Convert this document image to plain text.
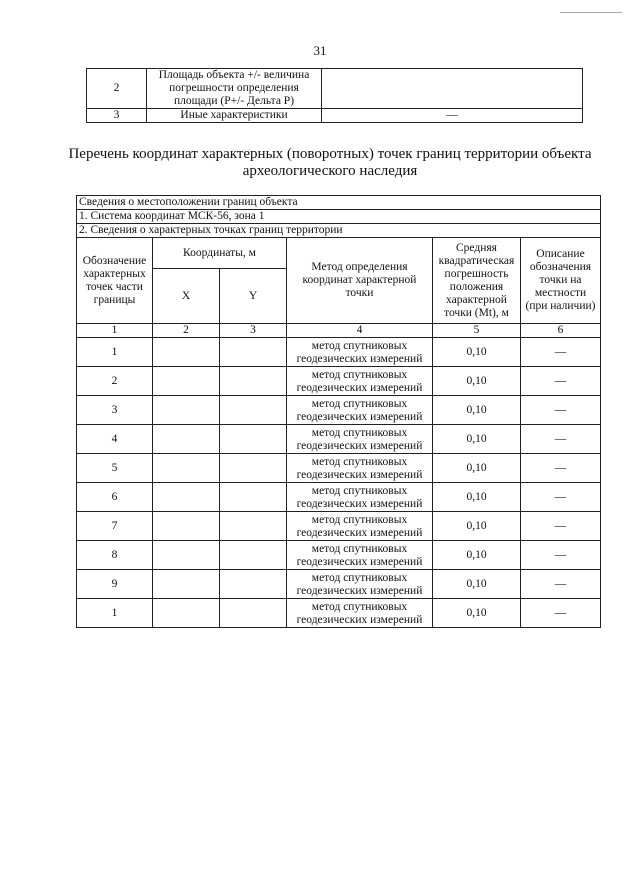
31
2	Площадь объекта +/- величина погрешности определения площади (P+/- Дельта P)	
3	Иные характеристики	—
Перечень координат характерных (поворотных) точек границ территории объекта археологического наследия
Сведения о местоположении границ объекта					
1. Система координат МСК-56, зона 1					
2. Сведения о характерных точках границ территории					
Обозначение характерных точек части границы	Координаты, м		Метод определения координат характерной точки	Средняя квадратическая погрешность положения характерной точки (Mt), м	Описание обозначения точки на местности (при наличии)
	X	Y			
1	2	3	4	5	6
1			метод спутниковых геодезических измерений	0,10	—
2			метод спутниковых геодезических измерений	0,10	—
3			метод спутниковых геодезических измерений	0,10	—
4			метод спутниковых геодезических измерений	0,10	—
5			метод спутниковых геодезических измерений	0,10	—
6			метод спутниковых геодезических измерений	0,10	—
7			метод спутниковых геодезических измерений	0,10	—
8			метод спутниковых геодезических измерений	0,10	—
9			метод спутниковых геодезических измерений	0,10	—
1			метод спутниковых геодезических измерений	0,10	—
